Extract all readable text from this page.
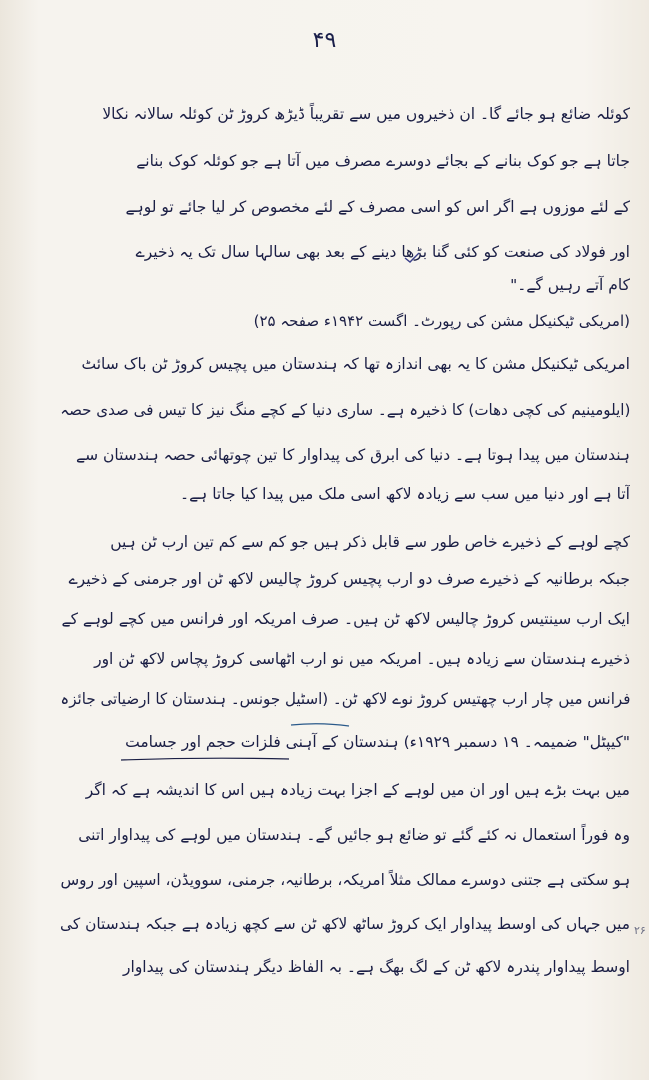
۴۹
کوئلہ ضائع ہو جائے گا۔ ان ذخیروں میں سے تقریباً ڈیڑھ کروڑ ٹن کوئلہ سالانہ نکالا
جاتا ہے جو کوک بنانے کے بجائے دوسرے مصرف میں آتا ہے جو کوئلہ کوک بنانے
کے لئے موزوں ہے اگر اس کو اسی مصرف کے لئے مخصوص کر لیا جائے تو لوہے
اور فولاد کی صنعت کو کئی گنا بڑھا دینے کے بعد بھی سالہا سال تک یہ ذخیرے
کام آتے رہیں گے۔"
(امریکی ٹیکنیکل مشن کی رپورٹ۔ اگست ۱۹۴۲ء صفحہ ۲۵)
امریکی ٹیکنیکل مشن کا یہ بھی اندازہ تھا کہ ہندستان میں پچیس کروڑ ٹن باک سائٹ
(ایلومینیم کی کچی دھات) کا ذخیرہ ہے۔ ساری دنیا کے کچے منگ نیز کا تیس فی صدی حصہ
ہندستان میں پیدا ہوتا ہے۔ دنیا کی ابرق کی پیداوار کا تین چوتھائی حصہ ہندستان سے
آتا ہے اور دنیا میں سب سے زیادہ لاکھ اسی ملک میں پیدا کیا جاتا ہے۔
کچے لوہے کے ذخیرے خاص طور سے قابل ذکر ہیں جو کم سے کم تین ارب ٹن ہیں
جبکہ برطانیہ کے ذخیرے صرف دو ارب پچیس کروڑ چالیس لاکھ ٹن اور جرمنی کے ذخیرے
ایک ارب سینتیس کروڑ چالیس لاکھ ٹن ہیں۔ صرف امریکہ اور فرانس میں کچے لوہے کے
ذخیرے ہندستان سے زیادہ ہیں۔ امریکہ میں نو ارب اٹھاسی کروڑ پچاس لاکھ ٹن اور
فرانس میں چار ارب چھتیس کروڑ نوے لاکھ ٹن۔ (اسٹیل جونس۔ ہندستان کا ارضیاتی جائزہ
"کیپٹل" ضمیمہ۔ ۱۹ دسمبر ۱۹۲۹ء) ہندستان کے آہنی فلزات حجم اور جسامت
میں بہت بڑے ہیں اور ان میں لوہے کے اجزا بہت زیادہ ہیں اس کا اندیشہ ہے کہ اگر
وہ فوراً استعمال نہ کئے گئے تو ضائع ہو جائیں گے۔ ہندستان میں لوہے کی پیداوار اتنی
ہو سکتی ہے جتنی دوسرے ممالک مثلاً امریکہ، برطانیہ، جرمنی، سوویڈن، اسپین اور روس
میں جہاں کی اوسط پیداوار ایک کروڑ ساٹھ لاکھ ٹن سے کچھ زیادہ ہے جبکہ ہندستان کی
اوسط پیداوار پندرہ لاکھ ٹن کے لگ بھگ ہے۔ بہ الفاظ دیگر ہندستان کی پیداوار
۲۶
